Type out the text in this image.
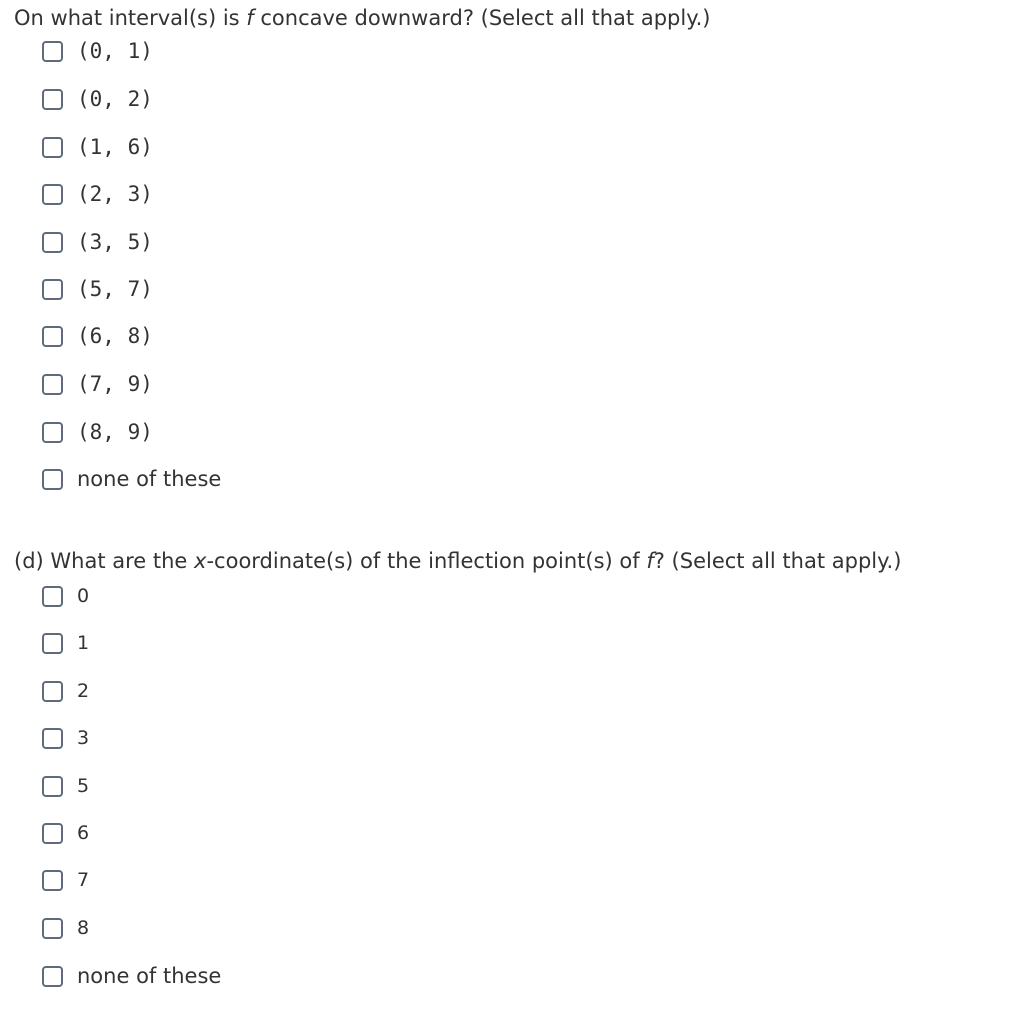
On what interval(s) is f concave downward? (Select all that apply.)
(0, 1)
(0, 2)
(1, 6)
(2, 3)
(3, 5)
(5, 7)
(6, 8)
(7, 9)
(8, 9)
none of these
(d) What are the x-coordinate(s) of the inflection point(s) of f? (Select all that apply.)
0
1
2
3
5
6
7
8
none of these
